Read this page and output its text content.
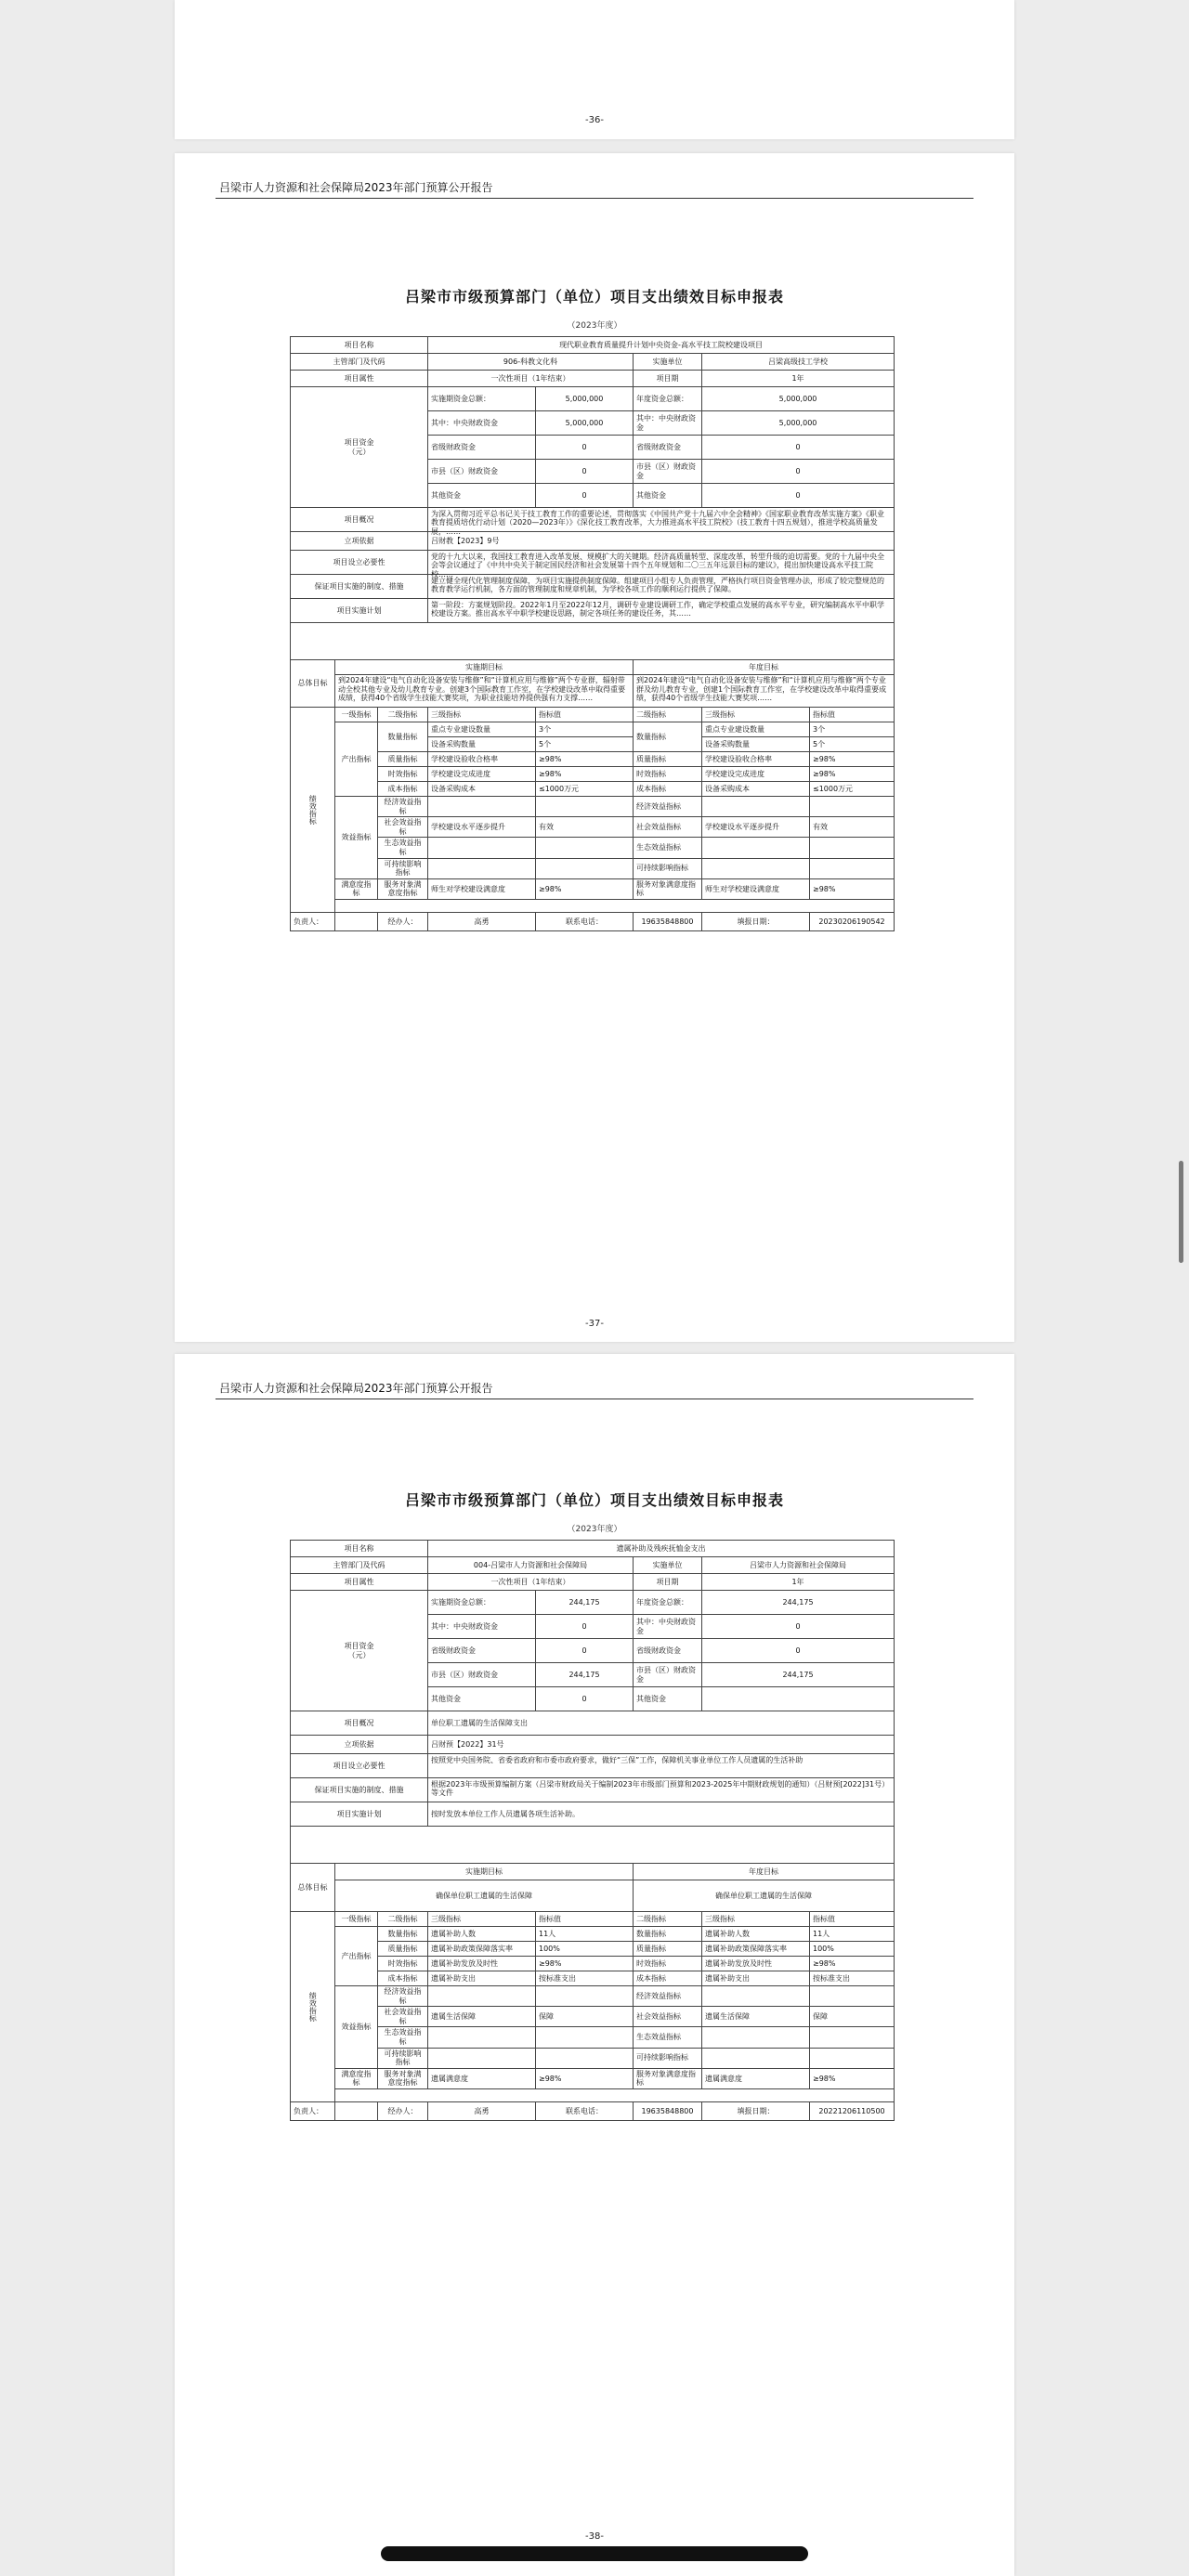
-36-
吕梁市人力资源和社会保障局2023年部门预算公开报告
吕梁市市级预算部门（单位）项目支出绩效目标申报表
（2023年度）
项目名称			现代职业教育质量提升计划中央资金-高水平技工院校建设项目				
主管部门及代码			906-科教文化科		实施单位	吕梁高级技工学校	
项目属性			一次性项目（1年结束）		项目期	1年	
项目资金
（元）			实施期资金总额：	5,000,000	年度资金总额：	5,000,000	
			其中：中央财政资金	5,000,000	其中：中央财政资金	5,000,000	
			省级财政资金	0	省级财政资金	0	
			市县（区）财政资金	0	市县（区）财政资金	0	
			其他资金	0	其他资金	0	
项目概况			为深入贯彻习近平总书记关于技工教育工作的重要论述，贯彻落实《中国共产党十九届六中全会精神》《国家职业教育改革实施方案》《职业教育提质培优行动计划（2020—2023年）》《深化技工教育改革，大力推进高水平技工院校》（技工教育十四五规划），推进学校高质量发展，……				

立项依据			吕财教【2023】9号				
项目设立必要性			党的十九大以来，我国技工教育进入改革发展、规模扩大的关键期。经济高质量转型、深度改革，转型升级的迫切需要。党的十九届中央全会等会议通过了《中共中央关于制定国民经济和社会发展第十四个五年规划和二〇三五年远景目标的建议》，提出加快建设高水平技工院校……				

保证项目实施的制度、措施			建立健全现代化管理制度保障，为项目实施提供制度保障。组建项目小组专人负责管理，严格执行项目资金管理办法，形成了较完整规范的教育教学运行机制，各方面的管理制度和规章机制，为学校各项工作的顺利运行提供了保障。				

项目实施计划			第一阶段：方案规划阶段。2022年1月至2022年12月，调研专业建设调研工作，确定学校重点发展的高水平专业，研究编制高水平中职学校建设方案。推出高水平中职学校建设思路，制定各项任务的建设任务，其……				

总体目标	实施期目标				年度目标		

	到2024年建设“电气自动化设备安装与维修”和“计算机应用与维修”两个专业群，辐射带动全校其他专业及幼儿教育专业。创建3个国际教育工作室，在学校建设改革中取得重要成绩，获得40个省级学生技能大赛奖项，为职业技能培养提供强有力支撑……				到2024年建设“电气自动化设备安装与维修”和“计算机应用与维修”两个专业群及幼儿教育专业，创建1个国际教育工作室，在学校建设改革中取得重要成绩，获得40个省级学生技能大赛奖项……		

绩效指标	一级指标	二级指标	三级指标	指标值	二级指标	三级指标	指标值
	产出指标	数量指标	重点专业建设数量	3个	数量指标	重点专业建设数量	3个
			设备采购数量	5个		设备采购数量	5个
		质量指标	学校建设验收合格率	≥98%	质量指标	学校建设验收合格率	≥98%
		时效指标	学校建设完成进度	≥98%	时效指标	学校建设完成进度	≥98%
		成本指标	设备采购成本	≤1000万元	成本指标	设备采购成本	≤1000万元
	效益指标	经济效益指标			经济效益指标		
		社会效益指标	学校建设水平逐步提升	有效	社会效益指标	学校建设水平逐步提升	有效
		生态效益指标			生态效益指标		
		可持续影响指标			可持续影响指标		
	满意度指标	服务对象满意度指标	师生对学校建设满意度	≥98%	服务对象满意度指标	师生对学校建设满意度	≥98%

负责人：		经办人：	高勇	联系电话：	19635848800	填报日期：	20230206190542
-37-
吕梁市人力资源和社会保障局2023年部门预算公开报告
吕梁市市级预算部门（单位）项目支出绩效目标申报表
（2023年度）
项目名称			遗属补助及残疾抚恤金支出				
主管部门及代码			004-吕梁市人力资源和社会保障局		实施单位	吕梁市人力资源和社会保障局	
项目属性			一次性项目（1年结束）		项目期	1年	
项目资金
（元）			实施期资金总额：	244,175	年度资金总额：	244,175	
			其中：中央财政资金	0	其中：中央财政资金	0	
			省级财政资金	0	省级财政资金	0	
			市县（区）财政资金	244,175	市县（区）财政资金	244,175	
			其他资金	0	其他资金		
项目概况			单位职工遗属的生活保障支出				
立项依据			吕财预【2022】31号				
项目设立必要性			按照党中央国务院、省委省政府和市委市政府要求，做好“三保”工作，保障机关事业单位工作人员遗属的生活补助				

保证项目实施的制度、措施			根据2023年市级预算编制方案（吕梁市财政局关于编制2023年市级部门预算和2023-2025年中期财政规划的通知）（吕财预[2022]31号）等文件				

项目实施计划			按时发放本单位工作人员遗属各项生活补助。				

总体目标	实施期目标				年度目标		
	确保单位职工遗属的生活保障				确保单位职工遗属的生活保障		
绩效指标	一级指标	二级指标	三级指标	指标值	二级指标	三级指标	指标值
	产出指标	数量指标	遗属补助人数	11人	数量指标	遗属补助人数	11人
		质量指标	遗属补助政策保障落实率	100%	质量指标	遗属补助政策保障落实率	100%
		时效指标	遗属补助发放及时性	≥98%	时效指标	遗属补助发放及时性	≥98%
		成本指标	遗属补助支出	按标准支出	成本指标	遗属补助支出	按标准支出
	效益指标	经济效益指标			经济效益指标		
		社会效益指标	遗属生活保障	保障	社会效益指标	遗属生活保障	保障
		生态效益指标			生态效益指标		
		可持续影响指标			可持续影响指标		
	满意度指标	服务对象满意度指标	遗属满意度	≥98%	服务对象满意度指标	遗属满意度	≥98%

负责人：		经办人：	高勇	联系电话：	19635848800	填报日期：	20221206110500
-38-
